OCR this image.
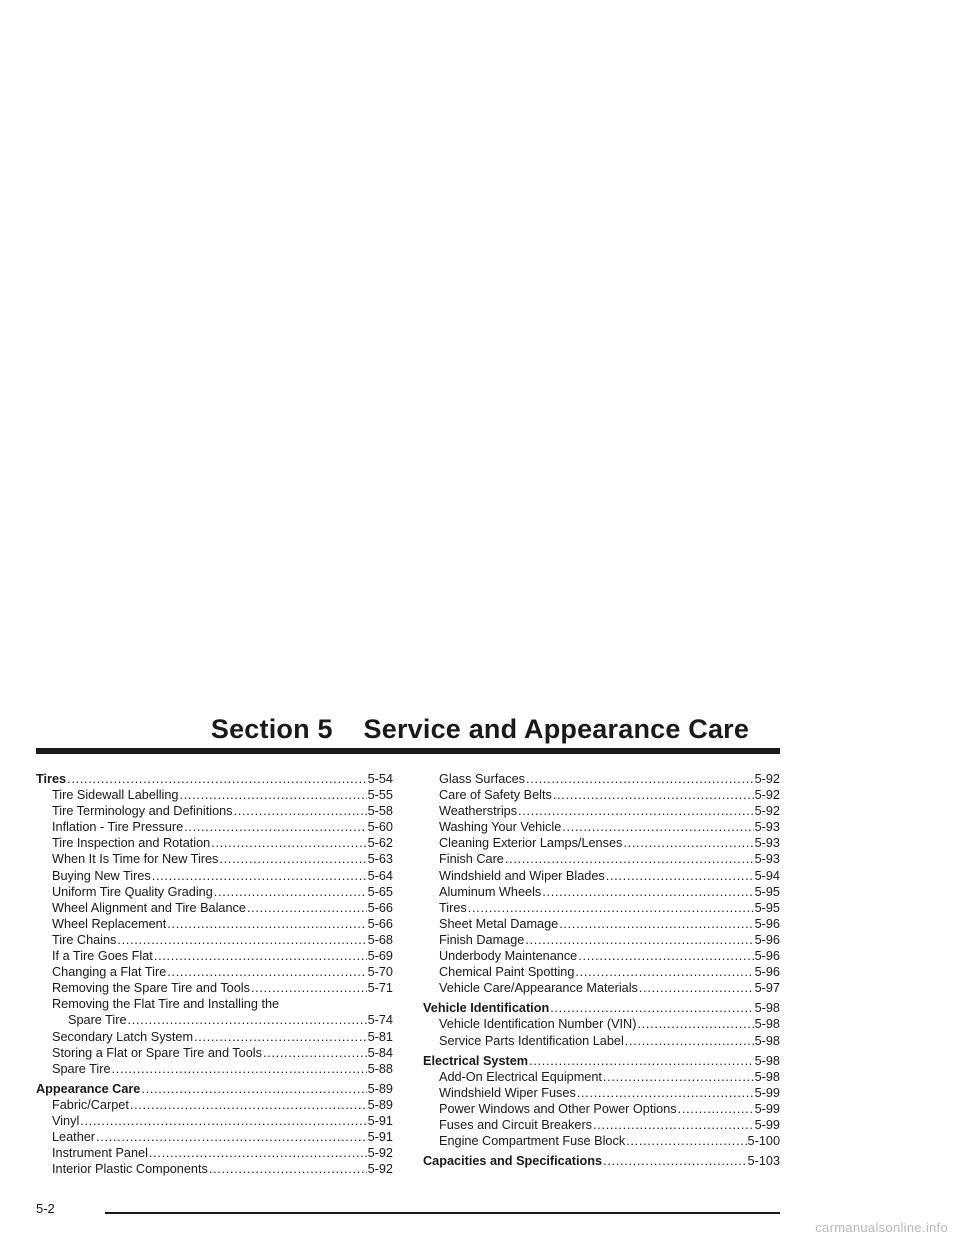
Section 5    Service and Appearance Care
Tires .....	5-54
Tire Sidewall Labelling .....	5-55
Tire Terminology and Definitions .....	5-58
Inflation - Tire Pressure .....	5-60
Tire Inspection and Rotation .....	5-62
When It Is Time for New Tires .....	5-63
Buying New Tires .....	5-64
Uniform Tire Quality Grading .....	5-65
Wheel Alignment and Tire Balance .....	5-66
Wheel Replacement .....	5-66
Tire Chains .....	5-68
If a Tire Goes Flat .....	5-69
Changing a Flat Tire .....	5-70
Removing the Spare Tire and Tools .....	5-71
Removing the Flat Tire and Installing the
Spare Tire .....	5-74
Secondary Latch System .....	5-81
Storing a Flat or Spare Tire and Tools .....	5-84
Spare Tire .....	5-88
Appearance Care .....	5-89
Fabric/Carpet .....	5-89
Vinyl .....	5-91
Leather .....	5-91
Instrument Panel .....	5-92
Interior Plastic Components .....	5-92
Glass Surfaces .....	5-92
Care of Safety Belts .....	5-92
Weatherstrips .....	5-92
Washing Your Vehicle .....	5-93
Cleaning Exterior Lamps/Lenses .....	5-93
Finish Care .....	5-93
Windshield and Wiper Blades .....	5-94
Aluminum Wheels .....	5-95
Tires .....	5-95
Sheet Metal Damage .....	5-96
Finish Damage .....	5-96
Underbody Maintenance .....	5-96
Chemical Paint Spotting .....	5-96
Vehicle Care/Appearance Materials .....	5-97
Vehicle Identification .....	5-98
Vehicle Identification Number (VIN) .....	5-98
Service Parts Identification Label .....	5-98
Electrical System .....	5-98
Add-On Electrical Equipment .....	5-98
Windshield Wiper Fuses .....	5-99
Power Windows and Other Power Options .....	5-99
Fuses and Circuit Breakers .....	5-99
Engine Compartment Fuse Block .....	5-100
Capacities and Specifications .....	5-103
5-2
carmanualsonline.info
